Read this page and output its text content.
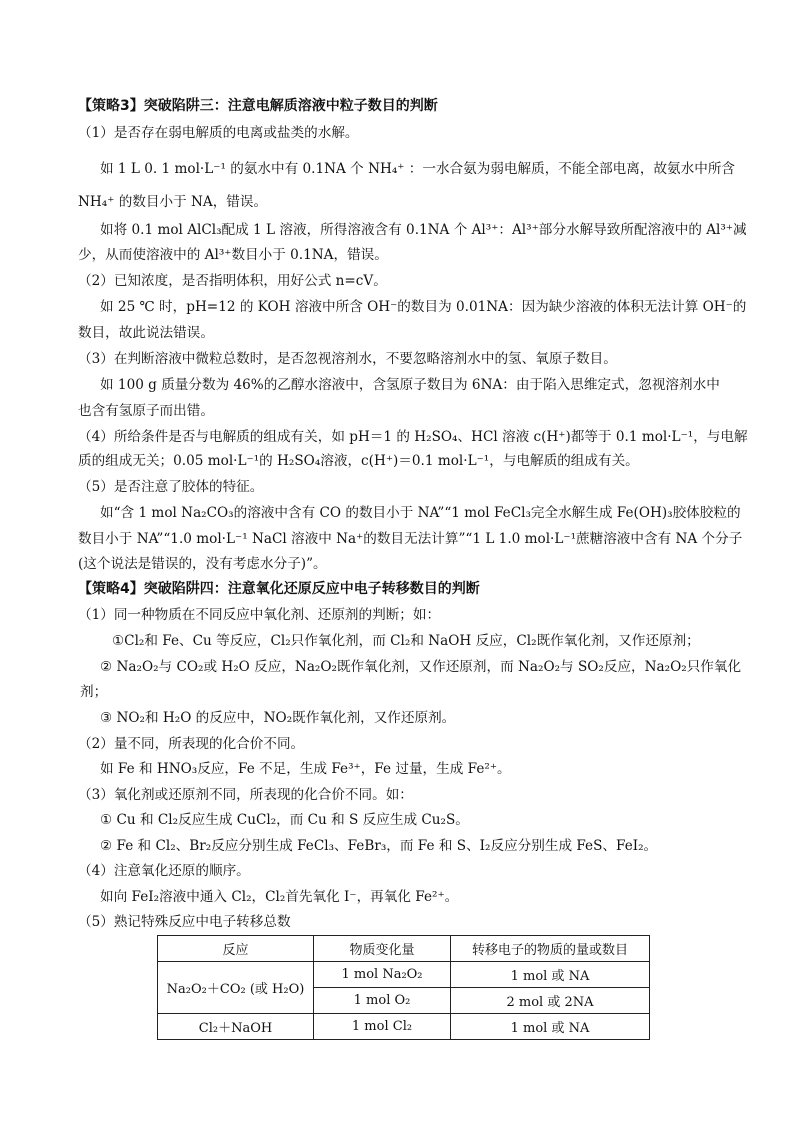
【策略3】突破陷阱三：注意电解质溶液中粒子数目的判断
（1）是否存在弱电解质的电离或盐类的水解。
如 1 L 0. 1 mol·L⁻¹ 的氨水中有 0.1NA 个 NH₄⁺ ：一水合氨为弱电解质，不能全部电离，故氨水中所含
NH₄⁺ 的数目小于 NA，错误。
如将 0.1 mol AlCl₃配成 1 L 溶液，所得溶液含有 0.1NA 个 Al³⁺：Al³⁺部分水解导致所配溶液中的 Al³⁺减
少，从而使溶液中的 Al³⁺数目小于 0.1NA，错误。
（2）已知浓度，是否指明体积，用好公式 n=cV。
如 25 ℃ 时，pH=12 的 KOH 溶液中所含 OH⁻的数目为 0.01NA：因为缺少溶液的体积无法计算 OH⁻的
数目，故此说法错误。
（3）在判断溶液中微粒总数时，是否忽视溶剂水，不要忽略溶剂水中的氢、氧原子数目。
如 100 g 质量分数为 46%的乙醇水溶液中，含氢原子数目为 6NA：由于陷入思维定式，忽视溶剂水中
也含有氢原子而出错。
（4）所给条件是否与电解质的组成有关，如 pH＝1 的 H₂SO₄、HCl 溶液 c(H⁺)都等于 0.1 mol·L⁻¹，与电解
质的组成无关；0.05 mol·L⁻¹的 H₂SO₄溶液，c(H⁺)＝0.1 mol·L⁻¹，与电解质的组成有关。
（5）是否注意了胶体的特征。
如“含 1 mol Na₂CO₃的溶液中含有 CO 的数目小于 NA”“1 mol FeCl₃完全水解生成 Fe(OH)₃胶体胶粒的
数目小于 NA”“1.0 mol·L⁻¹ NaCl 溶液中 Na⁺的数目无法计算”“1 L 1.0 mol·L⁻¹蔗糖溶液中含有 NA 个分子
(这个说法是错误的，没有考虑水分子)”。
【策略4】突破陷阱四：注意氧化还原反应中电子转移数目的判断
（1）同一种物质在不同反应中氧化剂、还原剂的判断；如：
①Cl₂和 Fe、Cu 等反应，Cl₂只作氧化剂，而 Cl₂和 NaOH 反应，Cl₂既作氧化剂，又作还原剂；
② Na₂O₂与 CO₂或 H₂O 反应，Na₂O₂既作氧化剂，又作还原剂，而 Na₂O₂与 SO₂反应，Na₂O₂只作氧化
剂；
③ NO₂和 H₂O 的反应中，NO₂既作氧化剂，又作还原剂。
（2）量不同，所表现的化合价不同。
如 Fe 和 HNO₃反应，Fe 不足，生成 Fe³⁺，Fe 过量，生成 Fe²⁺。
（3）氧化剂或还原剂不同，所表现的化合价不同。如：
① Cu 和 Cl₂反应生成 CuCl₂，而 Cu 和 S 反应生成 Cu₂S。
② Fe 和 Cl₂、Br₂反应分别生成 FeCl₃、FeBr₃，而 Fe 和 S、I₂反应分别生成 FeS、FeI₂。
（4）注意氧化还原的顺序。
如向 FeI₂溶液中通入 Cl₂，Cl₂首先氧化 I⁻，再氧化 Fe²⁺。
（5）熟记特殊反应中电子转移总数
反应	物质变化量	转移电子的物质的量或数目
Na₂O₂＋CO₂ (或 H₂O)	1 mol Na₂O₂	1 mol 或 NA
	1 mol O₂	2 mol 或 2NA
Cl₂＋NaOH	1 mol Cl₂	1 mol 或 NA
